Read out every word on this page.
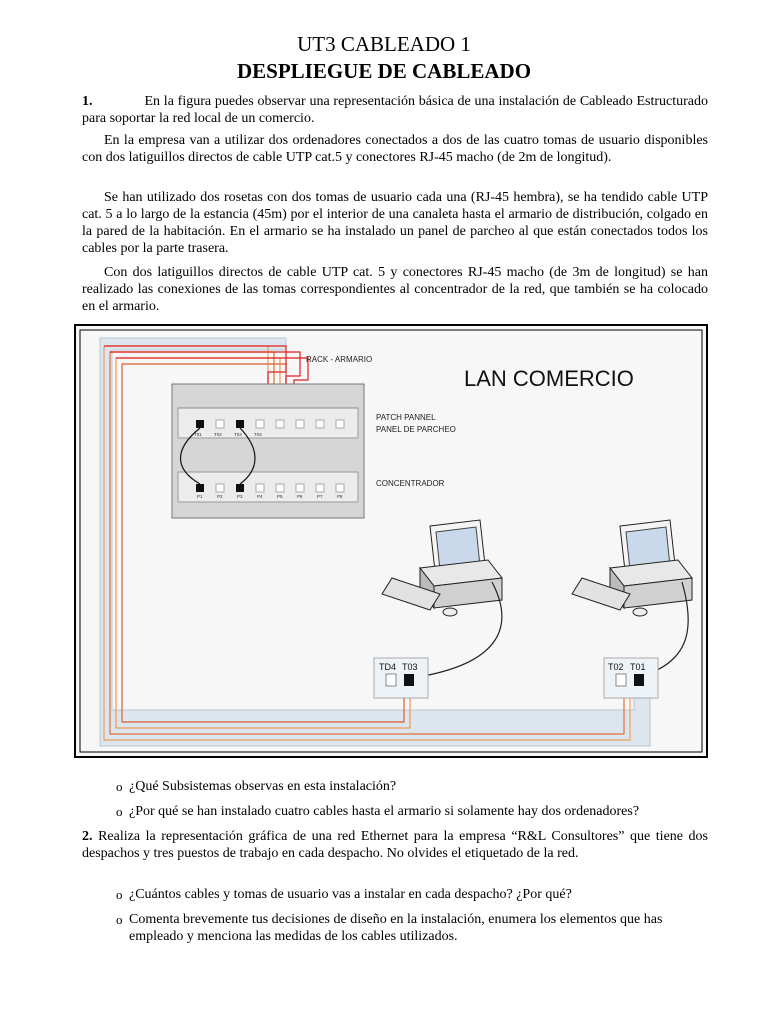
UT3 CABLEADO 1
DESPLIEGUE DE CABLEADO
1.	En la figura puedes observar una representación básica de una instalación de Cableado Estructurado para soportar la red local de un comercio.
En la empresa van a utilizar dos ordenadores conectados a dos de las cuatro tomas de usuario disponibles con dos latiguillos directos de cable UTP cat.5 y conectores RJ-45 macho (de 2m de longitud).
Se han utilizado dos rosetas con dos tomas de usuario cada una (RJ-45 hembra), se ha tendido cable UTP cat. 5 a lo largo de la estancia (45m) por el interior de una canaleta hasta el armario de distribución, colgado en la pared de la habitación. En el armario se ha instalado un panel de parcheo al que están conectados todos los cables por la parte trasera.
Con dos latiguillos directos de cable UTP cat. 5 y conectores RJ-45 macho (de 3m de longitud) se han realizado las conexiones de las tomas correspondientes al concentrador de la red, que también se ha colocado en el armario.
RACK - ARMARIO
PATCH PANNEL
PANEL DE PARCHEO
CONCENTRADOR
LAN COMERCIO
T01	T02	T03	T04
P1	P2	P3	P4	P5	P6	P7	P8
TD4 T03	T02 T01
o ¿Qué Subsistemas observas en esta instalación?
o ¿Por qué se han instalado cuatro cables hasta el armario si solamente hay dos ordenadores?
2. Realiza la representación gráfica de una red Ethernet para la empresa “R&L Consultores” que tiene dos despachos y tres puestos de trabajo en cada despacho. No olvides el etiquetado de la red.
o ¿Cuántos cables y tomas de usuario vas a instalar en cada despacho? ¿Por qué?
o Comenta brevemente tus decisiones de diseño en la instalación, enumera los elementos que has empleado y menciona las medidas de los cables utilizados.
